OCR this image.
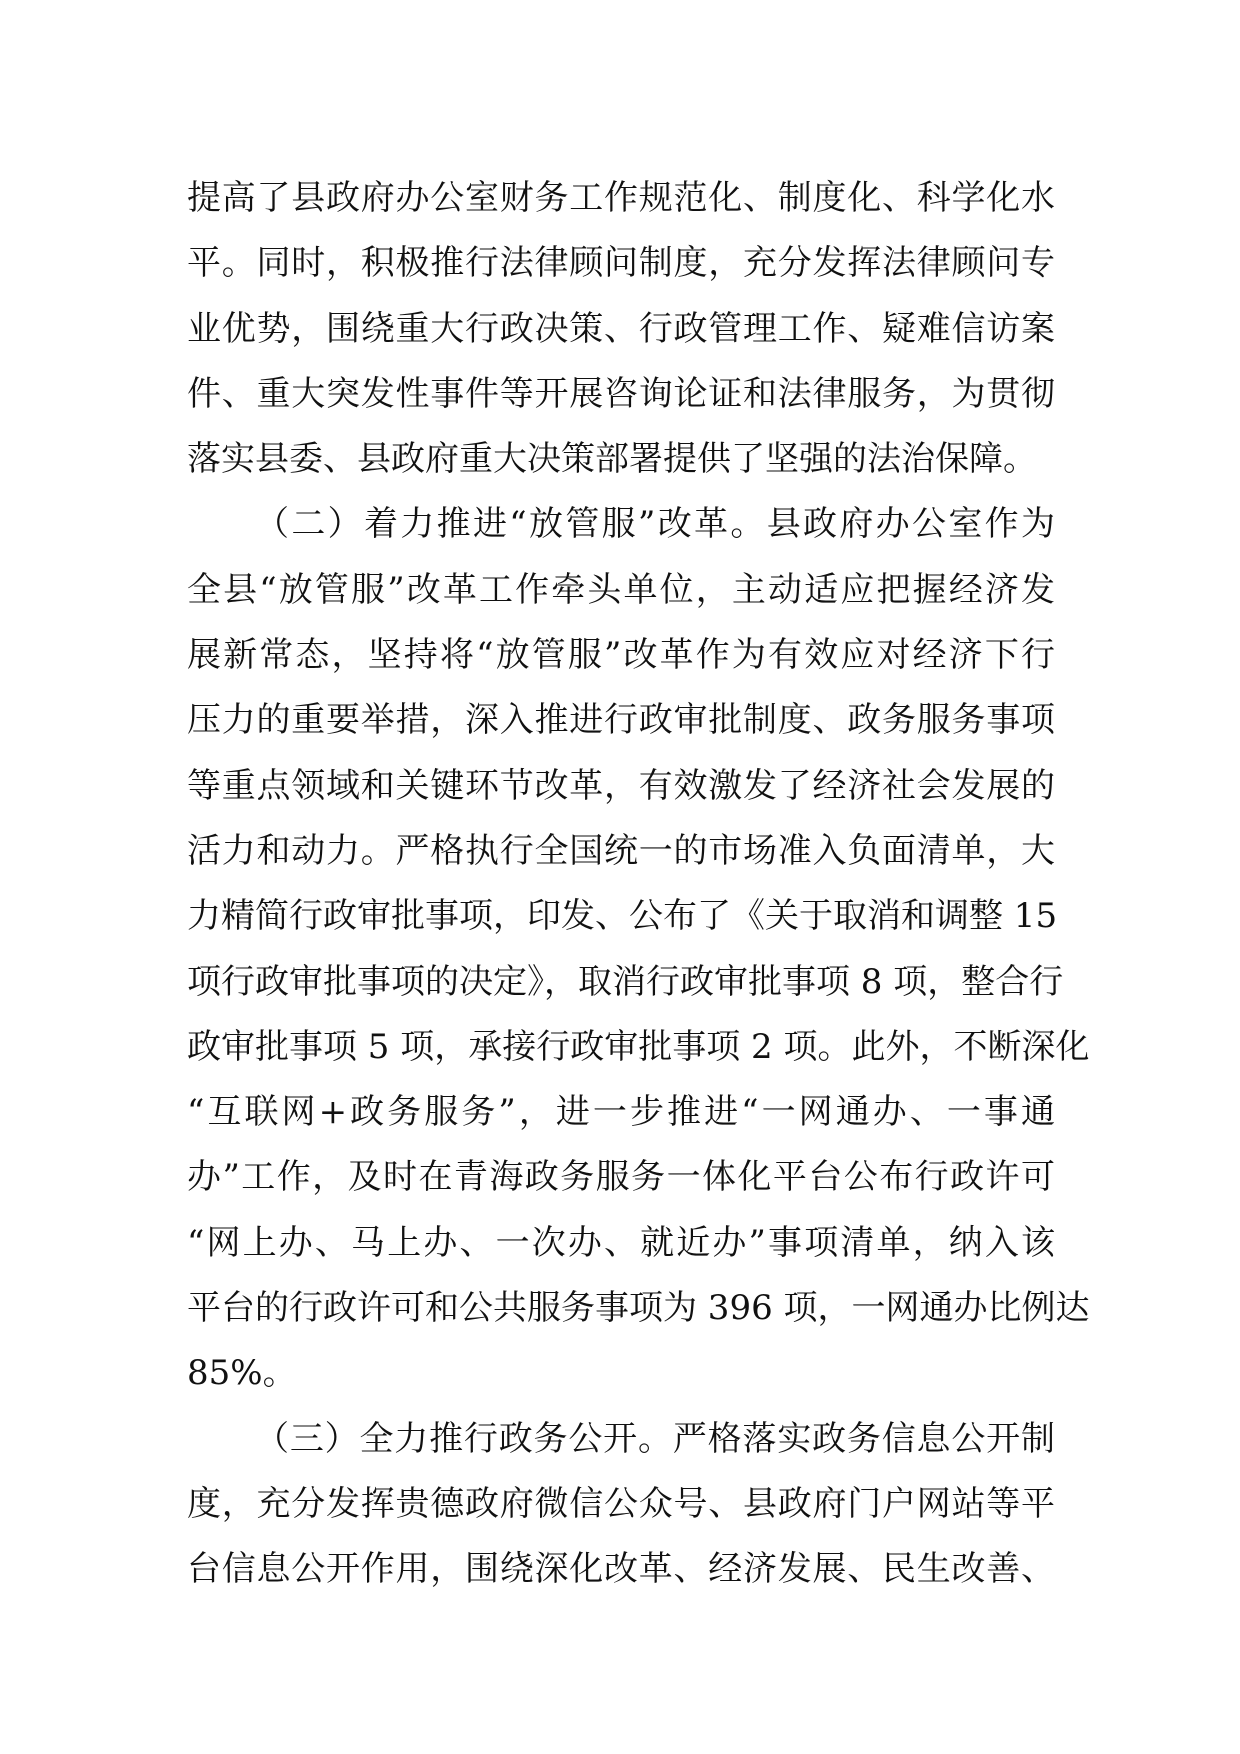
提高了县政府办公室财务工作规范化、制度化、科学化水
平。同时，积极推行法律顾问制度，充分发挥法律顾问专
业优势，围绕重大行政决策、行政管理工作、疑难信访案
件、重大突发性事件等开展咨询论证和法律服务，为贯彻
落实县委、县政府重大决策部署提供了坚强的法治保障。
（二）着力推进“放管服”改革。县政府办公室作为
全县“放管服”改革工作牵头单位，主动适应把握经济发
展新常态，坚持将“放管服”改革作为有效应对经济下行
压力的重要举措，深入推进行政审批制度、政务服务事项
等重点领域和关键环节改革，有效激发了经济社会发展的
活力和动力。严格执行全国统一的市场准入负面清单，大
力精简行政审批事项，印发、公布了《关于取消和调整 15
项行政审批事项的决定》，取消行政审批事项 8 项，整合行
政审批事项 5 项，承接行政审批事项 2 项。此外，不断深化
“互联网+政务服务”，进一步推进“一网通办、一事通
办”工作，及时在青海政务服务一体化平台公布行政许可
“网上办、马上办、一次办、就近办”事项清单，纳入该
平台的行政许可和公共服务事项为 396 项，一网通办比例达
85%。
（三）全力推行政务公开。严格落实政务信息公开制
度，充分发挥贵德政府微信公众号、县政府门户网站等平
台信息公开作用，围绕深化改革、经济发展、民生改善、
